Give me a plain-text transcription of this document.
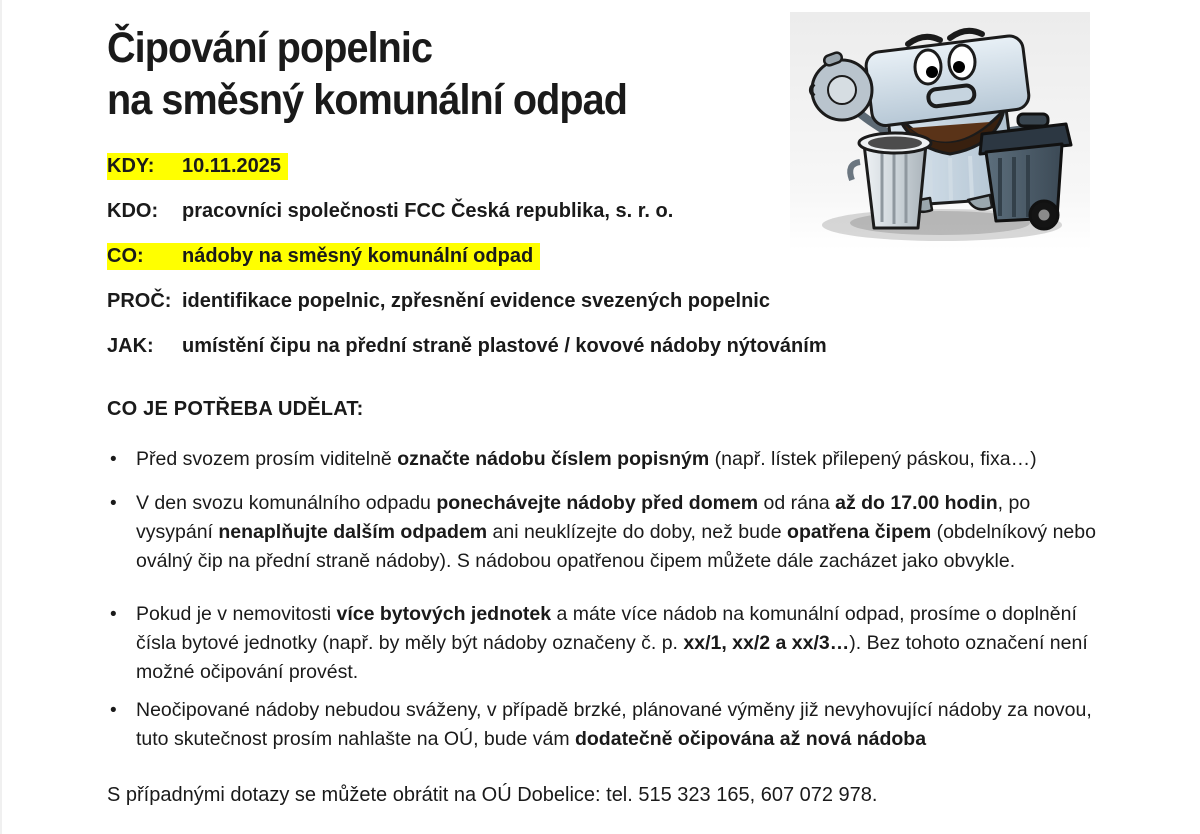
Čipování popelnic
na směsný komunální odpad
KDY:	10.11.2025
KDO:	pracovníci společnosti FCC Česká republika, s. r. o.
CO:	nádoby na směsný komunální odpad
PROČ: identifikace popelnic, zpřesnění evidence svezených popelnic
JAK:	umístění čipu na přední straně plastové / kovové nádoby nýtováním
CO JE POTŘEBA UDĚLAT:
• Před svozem prosím viditelně označte nádobu číslem popisným (např. lístek přilepený páskou, fixa…)
• V den svozu komunálního odpadu ponechávejte nádoby před domem od rána až do 17.00 hodin, po vysypání nenaplňujte dalším odpadem ani neuklízejte do doby, než bude opatřena čipem (obdelníkový nebo oválný čip na přední straně nádoby). S nádobou opatřenou čipem můžete dále zacházet jako obvykle.
• Pokud je v nemovitosti více bytových jednotek a máte více nádob na komunální odpad, prosíme o doplnění čísla bytové jednotky (např. by měly být nádoby označeny č. p. xx/1, xx/2 a xx/3…). Bez tohoto označení není možné očipování provést.
• Neočipované nádoby nebudou sváženy, v případě brzké, plánované výměny již nevyhovující nádoby za novou, tuto skutečnost prosím nahlašte na OÚ, bude vám dodatečně očipována až nová nádoba
S případnými dotazy se můžete obrátit na OÚ Dobelice: tel. 515 323 165, 607 072 978.
